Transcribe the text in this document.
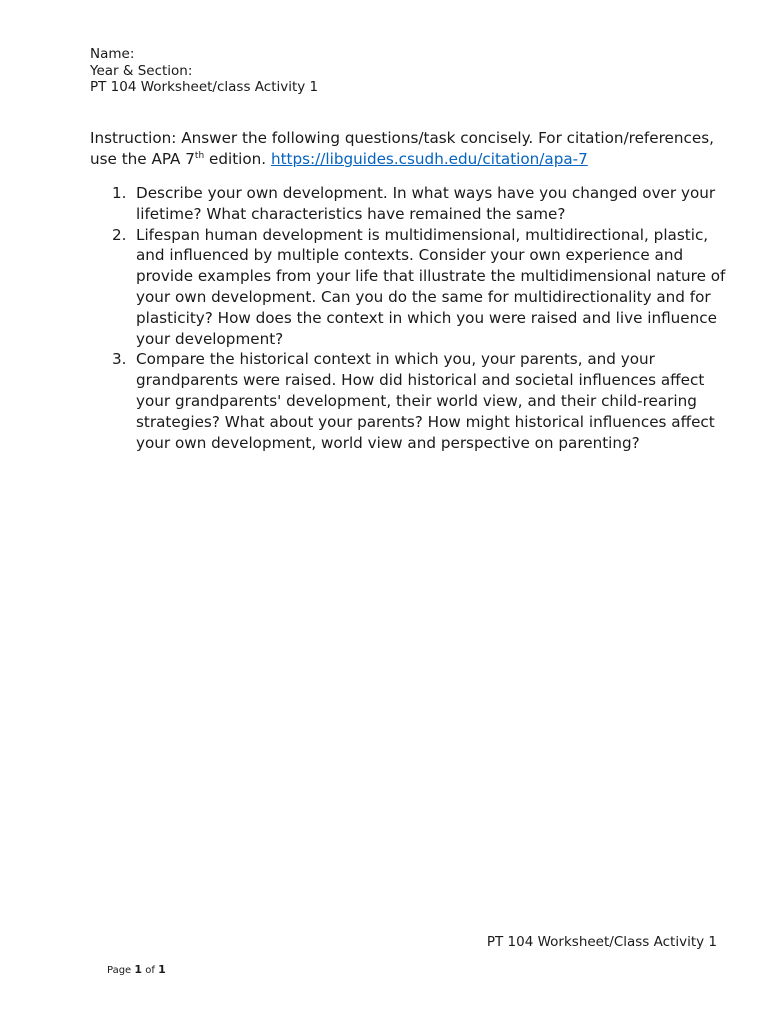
Name:
Year & Section:
PT 104 Worksheet/class Activity 1
Instruction: Answer the following questions/task concisely. For citation/references, use the APA 7th edition. https://libguides.csudh.edu/citation/apa-7
1. Describe your own development. In what ways have you changed over your lifetime? What characteristics have remained the same?
2. Lifespan human development is multidimensional, multidirectional, plastic, and influenced by multiple contexts. Consider your own experience and provide examples from your life that illustrate the multidimensional nature of your own development. Can you do the same for multidirectionality and for plasticity? How does the context in which you were raised and live influence your development?
3. Compare the historical context in which you, your parents, and your grandparents were raised. How did historical and societal influences affect your grandparents' development, their world view, and their child-rearing strategies? What about your parents? How might historical influences affect your own development, world view and perspective on parenting?
PT 104 Worksheet/Class Activity 1
Page 1 of 1
